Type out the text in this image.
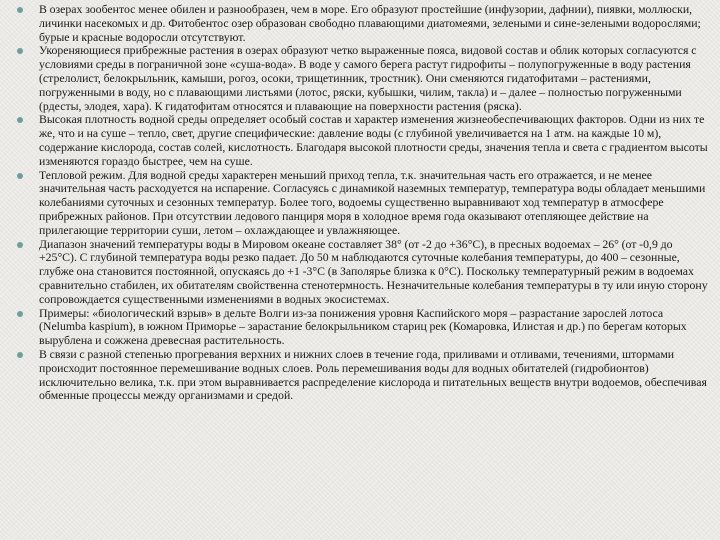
В озерах зообентос менее обилен и разнообразен, чем в море. Его образуют простейшие (инфузории, дафнии), пиявки, моллюски, личинки насекомых и др. Фитобентос озер образован свободно плавающими диатомеями, зелеными и сине-зелеными водорослями; бурые и красные водоросли отсутствуют.
Укореняющиеся прибрежные растения в озерах образуют четко выраженные пояса, видовой состав и облик которых согласуются с условиями среды в пограничной зоне «суша-вода». В воде у самого берега растут гидрофиты – полупогруженные в воду растения (стрелолист, белокрыльник, камыши, рогоз, осоки, трищетинник, тростник). Они сменяются гидатофитами – растениями, погруженными в воду, но с плавающими листьями (лотос, ряски, кубышки, чилим, такла) и – далее – полностью погруженными (рдесты, элодея, хара). К гидатофитам относятся и плавающие на поверхности растения (ряска).
Высокая плотность водной среды определяет особый состав и характер изменения жизнеобеспечивающих факторов. Одни из них те же, что и на суше – тепло, свет, другие специфические: давление воды (с глубиной увеличивается на 1 атм. на каждые 10 м), содержание кислорода, состав солей, кислотность. Благодаря высокой плотности среды, значения тепла и света с градиентом высоты изменяются гораздо быстрее, чем на суше.
Тепловой режим. Для водной среды характерен меньший приход тепла, т.к. значительная часть его отражается, и не менее значительная часть расходуется на испарение. Согласуясь с динамикой наземных температур, температура воды обладает меньшими колебаниями суточных и сезонных температур. Более того, водоемы существенно выравнивают ход температур в атмосфере прибрежных районов. При отсутствии ледового панциря моря в холодное время года оказывают отепляющее действие на прилегающие территории суши, летом – охлаждающее и увлажняющее.
Диапазон значений температуры воды в Мировом океане составляет 38° (от -2 до +36°С), в пресных водоемах – 26° (от -0,9 до +25°С). С глубиной температура воды резко падает. До 50 м наблюдаются суточные колебания температуры, до 400 – сезонные, глубже она становится постоянной, опускаясь до +1 -3°С (в Заполярье близка к 0°С). Поскольку температурный режим в водоемах сравнительно стабилен, их обитателям свойственна стенотермность. Незначительные колебания температуры в ту или иную сторону сопровождается существенными изменениями в водных экосистемах.
Примеры: «биологический взрыв» в дельте Волги из-за понижения уровня Каспийского моря – разрастание зарослей лотоса (Nelumba kaspium), в южном Приморье – зарастание белокрыльником стариц рек (Комаровка, Илистая и др.) по берегам которых вырублена и сожжена древесная растительность.
В связи с разной степенью прогревания верхних и нижних слоев в течение года, приливами и отливами, течениями, штормами происходит постоянное перемешивание водных слоев. Роль перемешивания воды для водных обитателей (гидробионтов) исключительно велика, т.к. при этом выравнивается распределение кислорода и питательных веществ внутри водоемов, обеспечивая обменные процессы между организмами и средой.
